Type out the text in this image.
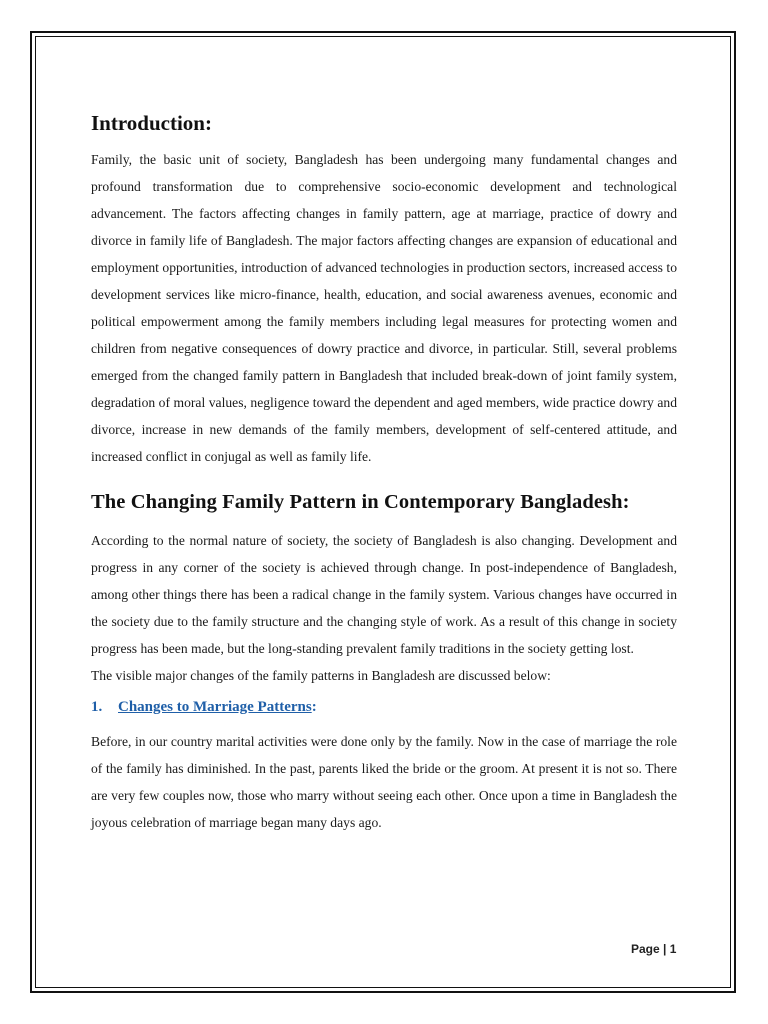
Introduction:

Family, the basic unit of society, Bangladesh has been undergoing many fundamental changes and profound transformation due to comprehensive socio-economic development and technological advancement. The factors affecting changes in family pattern, age at marriage, practice of dowry and divorce in family life of Bangladesh. The major factors affecting changes are expansion of educational and employment opportunities, introduction of advanced technologies in production sectors, increased access to development services like micro-finance, health, education, and social awareness avenues, economic and political empowerment among the family members including legal measures for protecting women and children from negative consequences of dowry practice and divorce, in particular. Still, several problems emerged from the changed family pattern in Bangladesh that included break-down of joint family system, degradation of moral values, negligence toward the dependent and aged members, wide practice dowry and divorce, increase in new demands of the family members, development of self-centered attitude, and increased conflict in conjugal as well as family life.

The Changing Family Pattern in Contemporary Bangladesh:

According to the normal nature of society, the society of Bangladesh is also changing. Development and progress in any corner of the society is achieved through change. In post-independence of Bangladesh, among other things there has been a radical change in the family system. Various changes have occurred in the society due to the family structure and the changing style of work. As a result of this change in society progress has been made, but the long-standing prevalent family traditions in the society getting lost.

The visible major changes of the family patterns in Bangladesh are discussed below:

1. Changes to Marriage Patterns:

Before, in our country marital activities were done only by the family. Now in the case of marriage the role of the family has diminished. In the past, parents liked the bride or the groom. At present it is not so. There are very few couples now, those who marry without seeing each other. Once upon a time in Bangladesh the joyous celebration of marriage began many days ago.

Page | 1
